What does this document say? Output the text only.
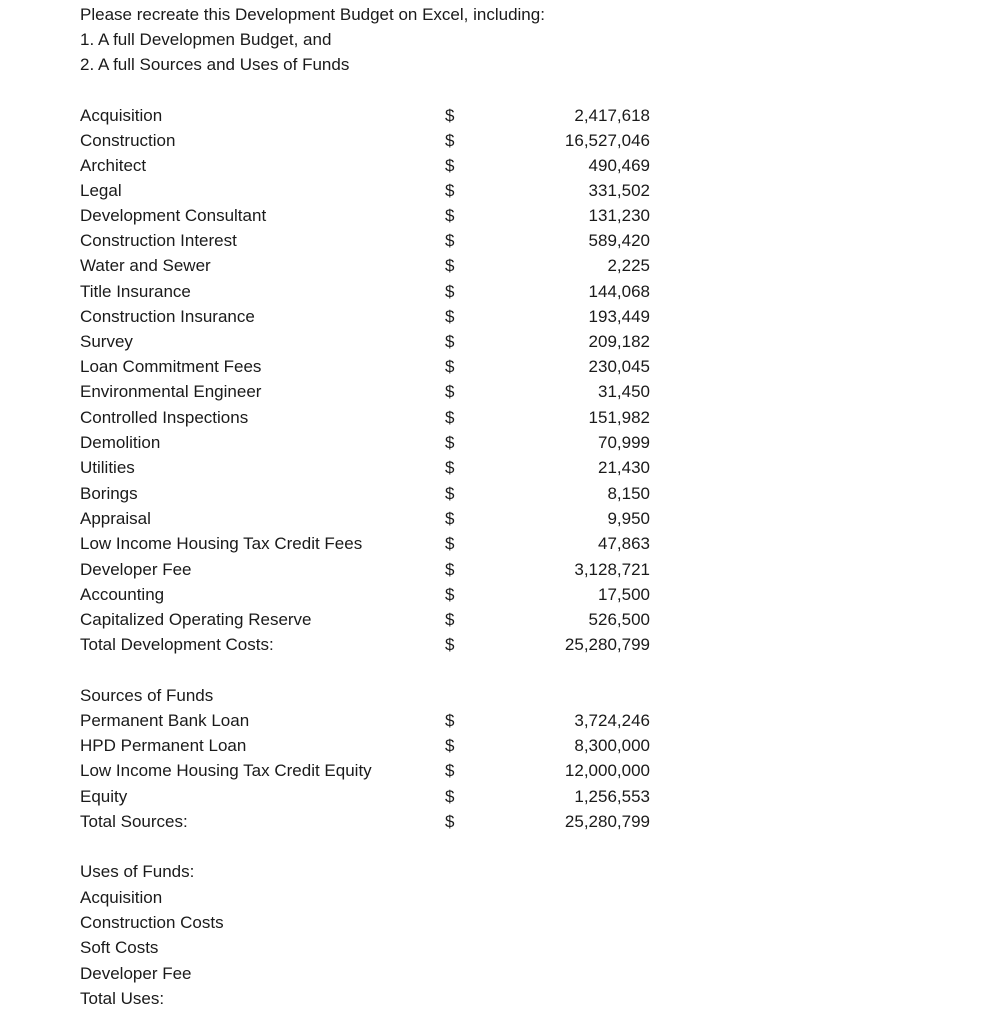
Please recreate this Development Budget on Excel, including:
1. A full Developmen Budget, and
2. A full Sources and Uses of Funds
Acquisition	$	2,417,618
Construction	$	16,527,046
Architect	$	490,469
Legal	$	331,502
Development Consultant	$	131,230
Construction Interest	$	589,420
Water and Sewer	$	2,225
Title Insurance	$	144,068
Construction Insurance	$	193,449
Survey	$	209,182
Loan Commitment Fees	$	230,045
Environmental Engineer	$	31,450
Controlled Inspections	$	151,982
Demolition	$	70,999
Utilities	$	21,430
Borings	$	8,150
Appraisal	$	9,950
Low Income Housing Tax Credit Fees	$	47,863
Developer Fee	$	3,128,721
Accounting	$	17,500
Capitalized Operating Reserve	$	526,500
Total Development Costs:	$	25,280,799
Sources of Funds
Permanent Bank Loan	$	3,724,246
HPD Permanent Loan	$	8,300,000
Low Income Housing Tax Credit Equity	$	12,000,000
Equity	$	1,256,553
Total Sources:	$	25,280,799
Uses of Funds:
Acquisition
Construction Costs
Soft Costs
Developer Fee
Total Uses:
